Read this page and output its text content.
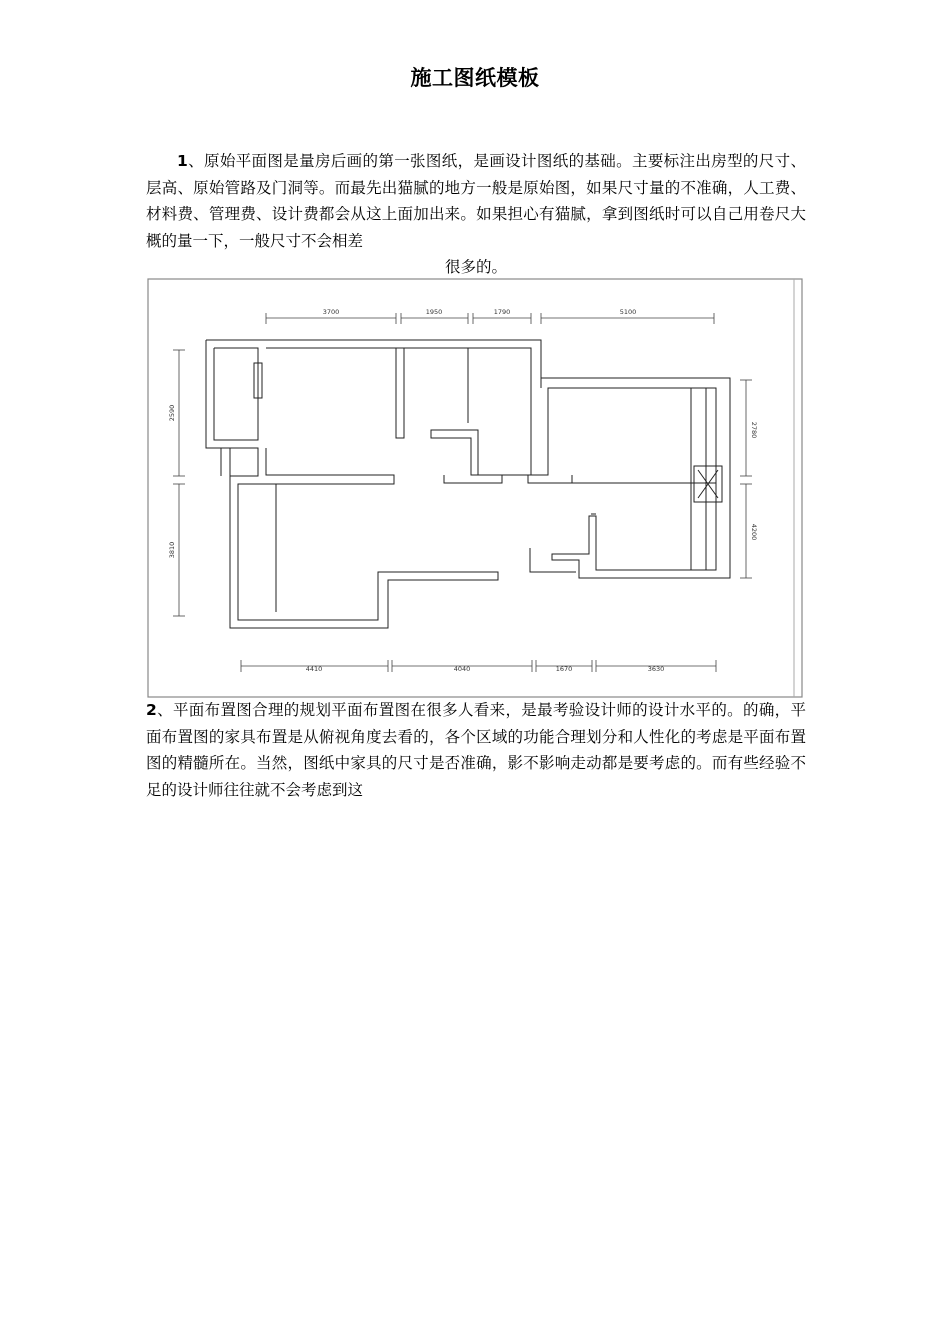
施工图纸模板
1、原始平面图是量房后画的第一张图纸，是画设计图纸的基础。主要标注出房型的尺寸、层高、原始管路及门洞等。而最先出猫腻的地方一般是原始图，如果尺寸量的不准确，人工费、材料费、管理费、设计费都会从这上面加出来。如果担心有猫腻，拿到图纸时可以自己用卷尺大概的量一下，一般尺寸不会相差
很多的。
3700	1950	1790	5100
4410	4040	1670	3630
2590
3810
2780
4200
2、平面布置图合理的规划平面布置图在很多人看来，是最考验设计师的设计水平的。的确，平面布置图的家具布置是从俯视角度去看的，各个区域的功能合理划分和人性化的考虑是平面布置图的精髓所在。当然，图纸中家具的尺寸是否准确，影不影响走动都是要考虑的。而有些经验不足的设计师往往就不会考虑到这
